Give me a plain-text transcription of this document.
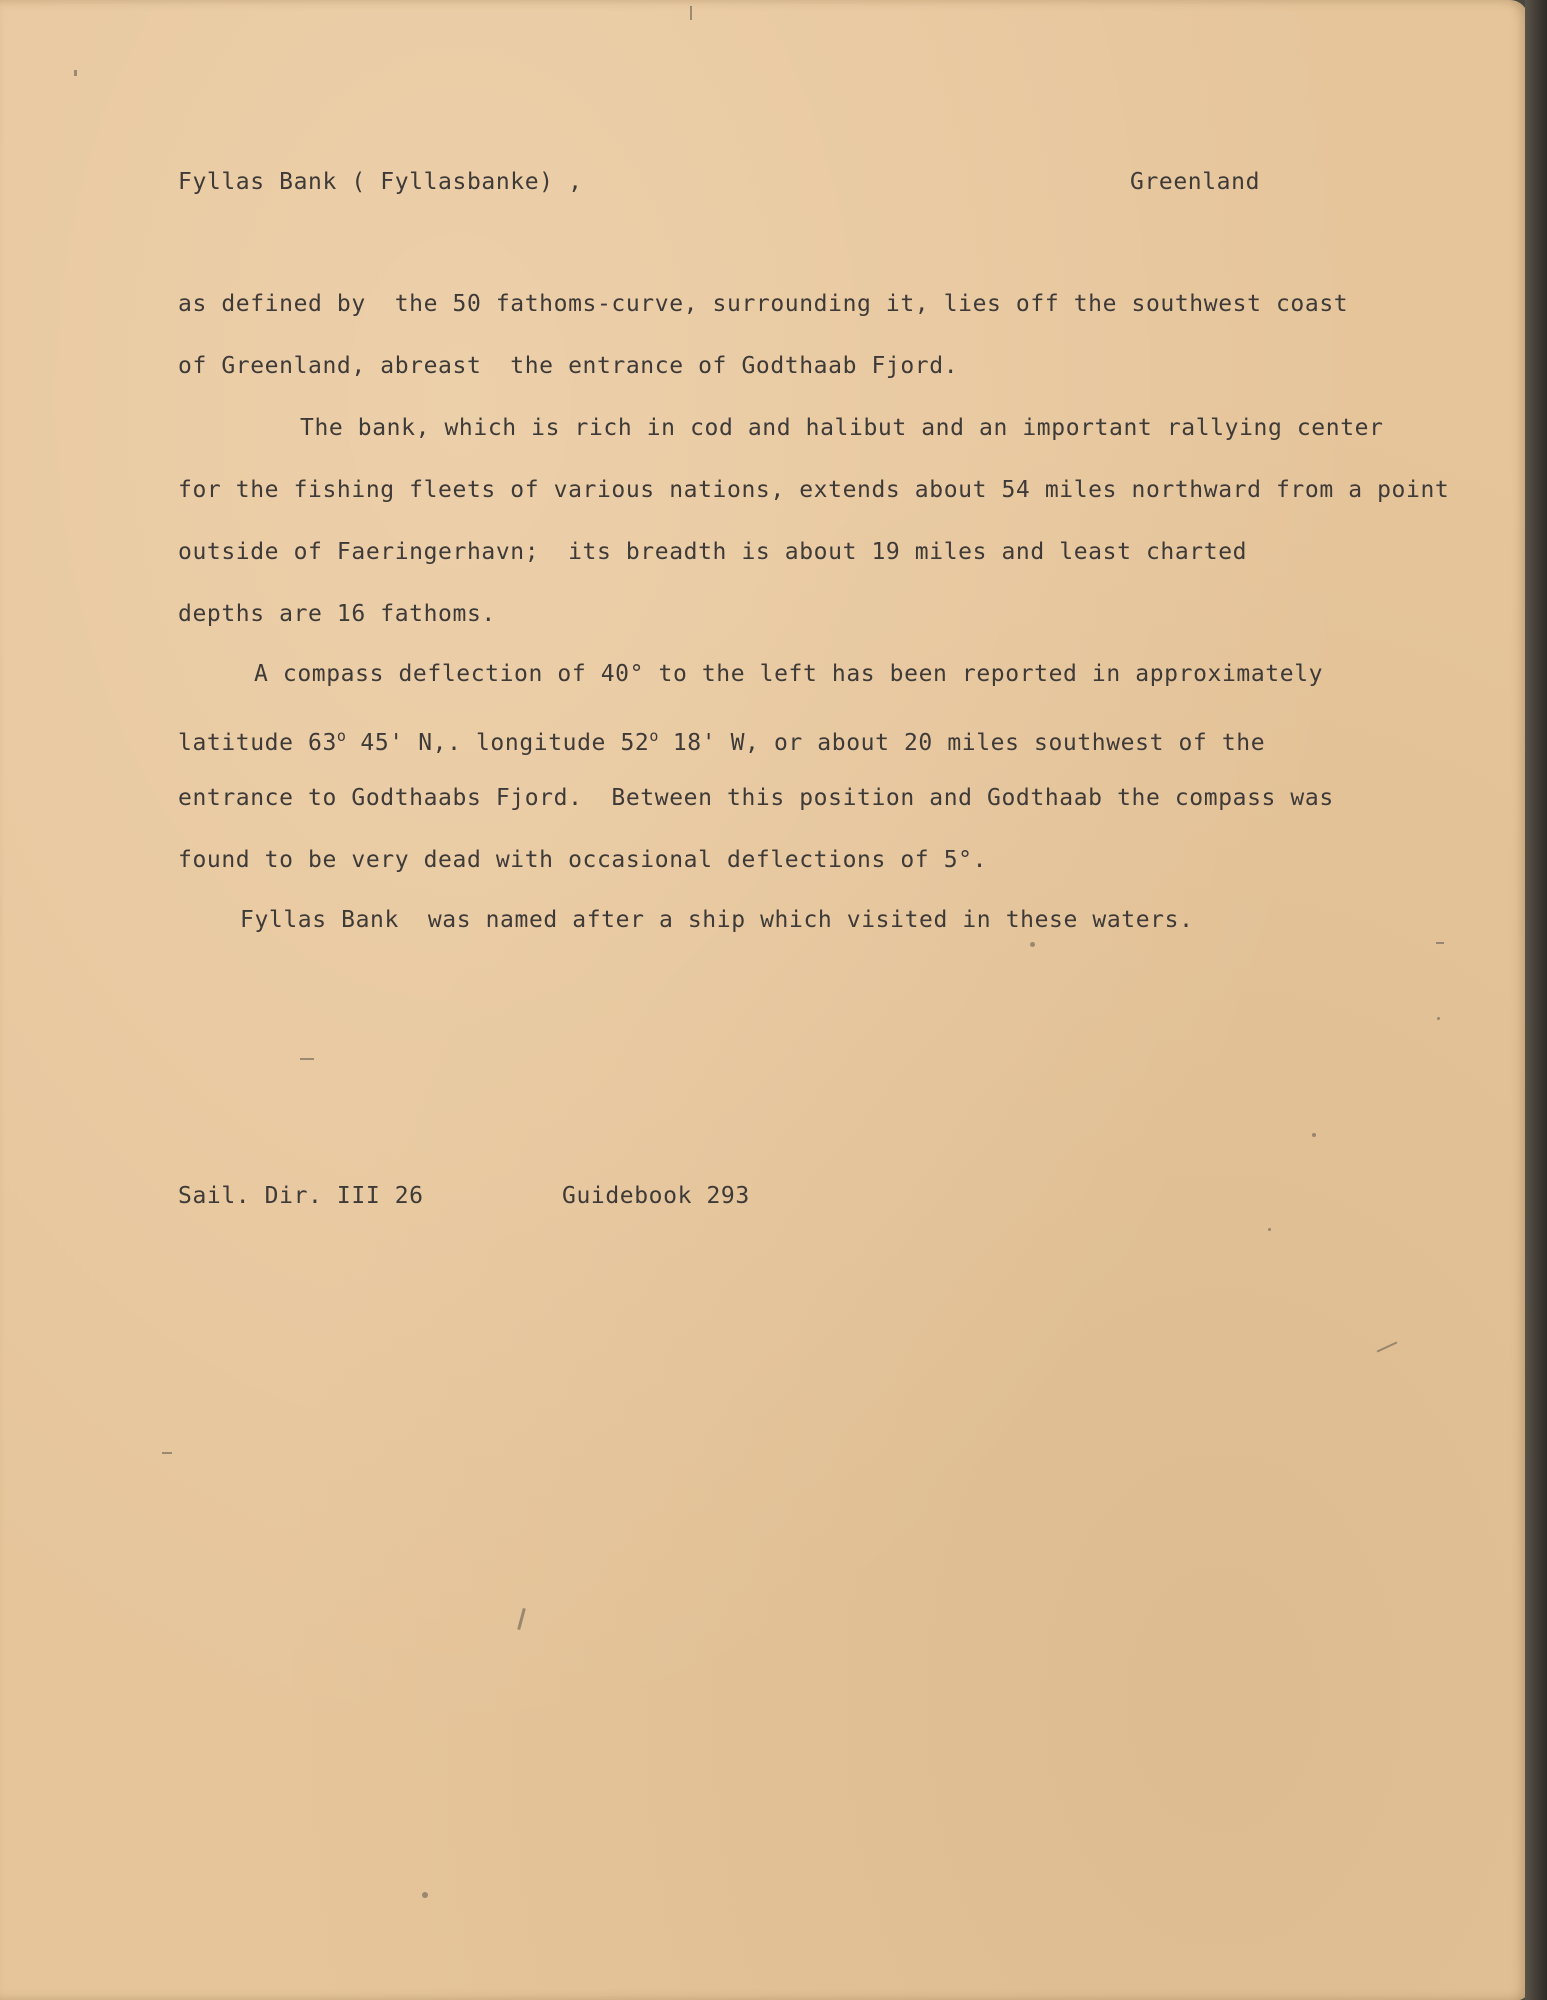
Fyllas Bank ( Fyllasbanke) ,	Greenland

as defined by  the 50 fathoms-curve, surrounding it, lies off the southwest coast

of Greenland, abreast  the entrance of Godthaab Fjord.

The bank, which is rich in cod and halibut and an important rallying center

for the fishing fleets of various nations, extends about 54 miles northward from a point

outside of Faeringerhavn;  its breadth is about 19 miles and least charted

depths are 16 fathoms.

A compass deflection of 40° to the left has been reported in approximately

latitude 63$^o$ 45' N,. longitude 52$^o$ 18' W, or about 20 miles southwest of the

entrance to Godthaabs Fjord.  Between this position and Godthaab the compass was

found to be very dead with occasional deflections of 5°.

Fyllas Bank  was named after a ship which visited in these waters.

Sail. Dir. III 26	Guidebook 293
